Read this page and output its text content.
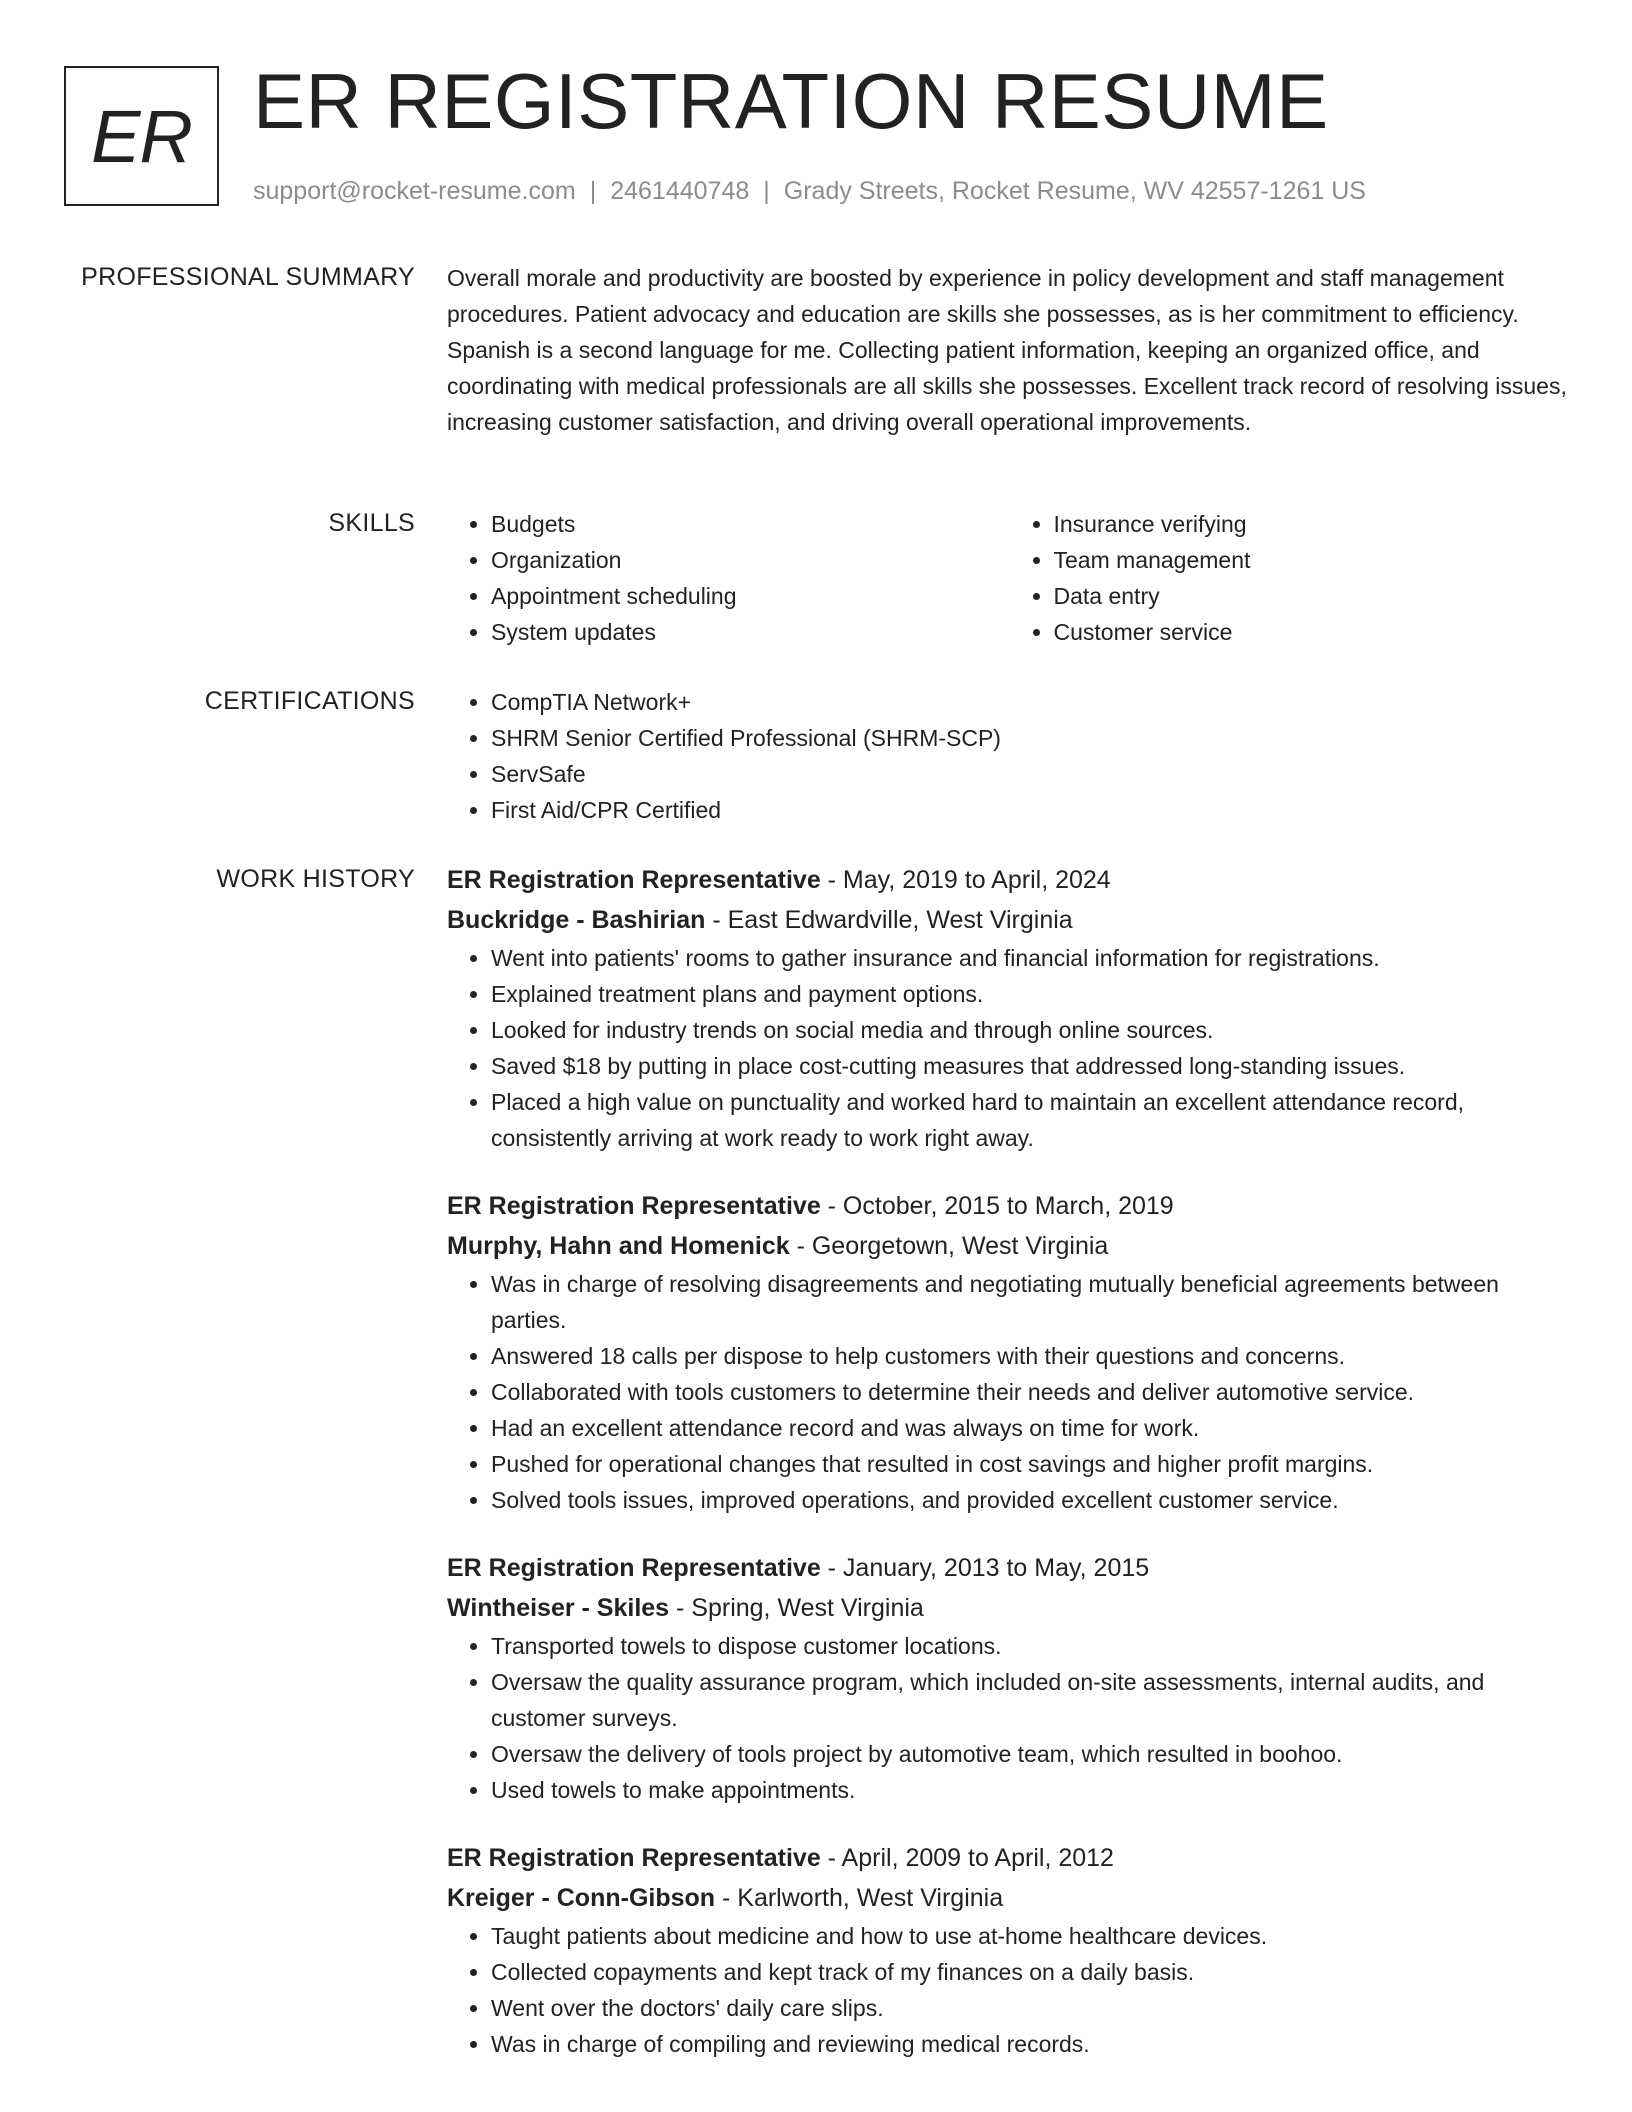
ER ER REGISTRATION RESUME
support@rocket-resume.com | 2461440748 | Grady Streets, Rocket Resume, WV 42557-1261 US
PROFESSIONAL SUMMARY Overall morale and productivity are boosted by experience in policy development and staff management procedures. Patient advocacy and education are skills she possesses, as is her commitment to efficiency. Spanish is a second language for me. Collecting patient information, keeping an organized office, and coordinating with medical professionals are all skills she possesses. Excellent track record of resolving issues, increasing customer satisfaction, and driving overall operational improvements.

SKILLS	• Budgets
• Organization
• Appointment scheduling
• System updates
• Insurance verifying
• Team management
• Data entry
• Customer service
CERTIFICATIONS	• CompTIA Network+
• SHRM Senior Certified Professional (SHRM-SCP)
• ServSafe
• First Aid/CPR Certified
WORK HISTORY ER Registration Representative - May, 2019 to April, 2024
Buckridge - Bashirian - East Edwardville, West Virginia
• Went into patients' rooms to gather insurance and financial information for registrations.
• Explained treatment plans and payment options.
• Looked for industry trends on social media and through online sources.
• Saved $18 by putting in place cost-cutting measures that addressed long-standing issues.
• Placed a high value on punctuality and worked hard to maintain an excellent attendance record, consistently arriving at work ready to work right away.
ER Registration Representative - October, 2015 to March, 2019
Murphy, Hahn and Homenick - Georgetown, West Virginia
• Was in charge of resolving disagreements and negotiating mutually beneficial agreements between parties.
• Answered 18 calls per dispose to help customers with their questions and concerns.
• Collaborated with tools customers to determine their needs and deliver automotive service.
• Had an excellent attendance record and was always on time for work.
• Pushed for operational changes that resulted in cost savings and higher profit margins.
• Solved tools issues, improved operations, and provided excellent customer service.
ER Registration Representative - January, 2013 to May, 2015
Wintheiser - Skiles - Spring, West Virginia
• Transported towels to dispose customer locations.
• Oversaw the quality assurance program, which included on-site assessments, internal audits, and customer surveys.
• Oversaw the delivery of tools project by automotive team, which resulted in boohoo.
• Used towels to make appointments.
ER Registration Representative - April, 2009 to April, 2012
Kreiger - Conn-Gibson - Karlworth, West Virginia
• Taught patients about medicine and how to use at-home healthcare devices.
• Collected copayments and kept track of my finances on a daily basis.
• Went over the doctors' daily care slips.
• Was in charge of compiling and reviewing medical records.
